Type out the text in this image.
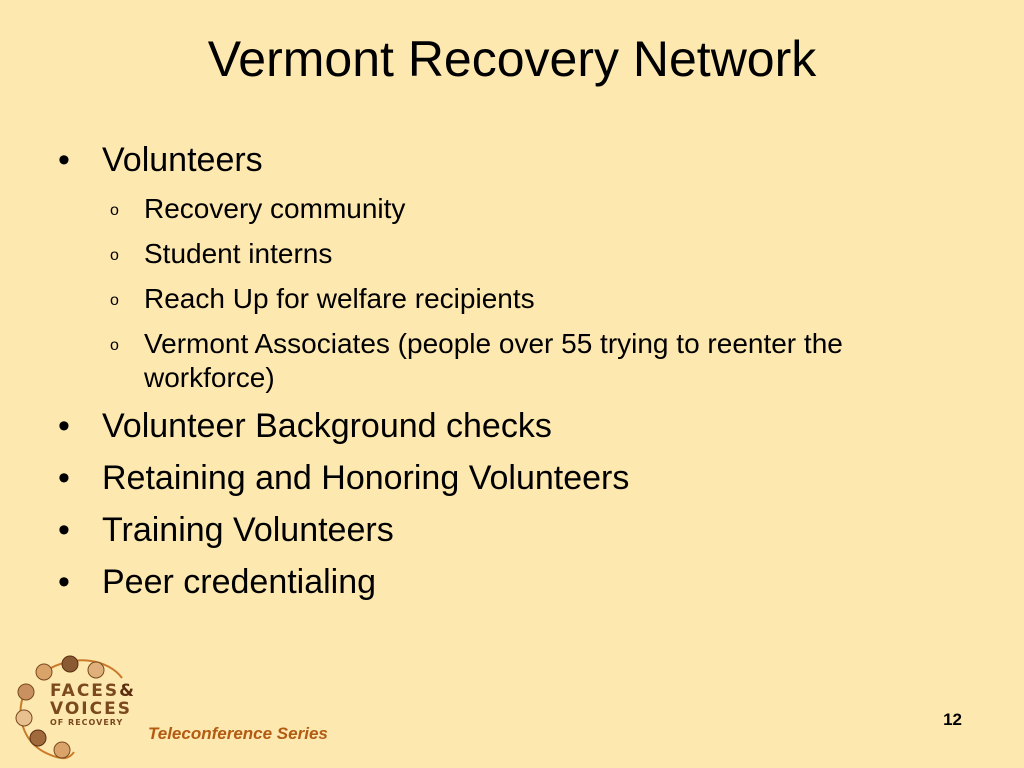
Vermont Recovery Network
• Volunteers
o Recovery community
o Student interns
o Reach Up for welfare recipients
o Vermont Associates (people over 55 trying to reenter the workforce)
• Volunteer Background checks
• Retaining and Honoring Volunteers
• Training Volunteers
• Peer credentialing
FACES&
VOICES
OF RECOVERY
Teleconference Series
12
